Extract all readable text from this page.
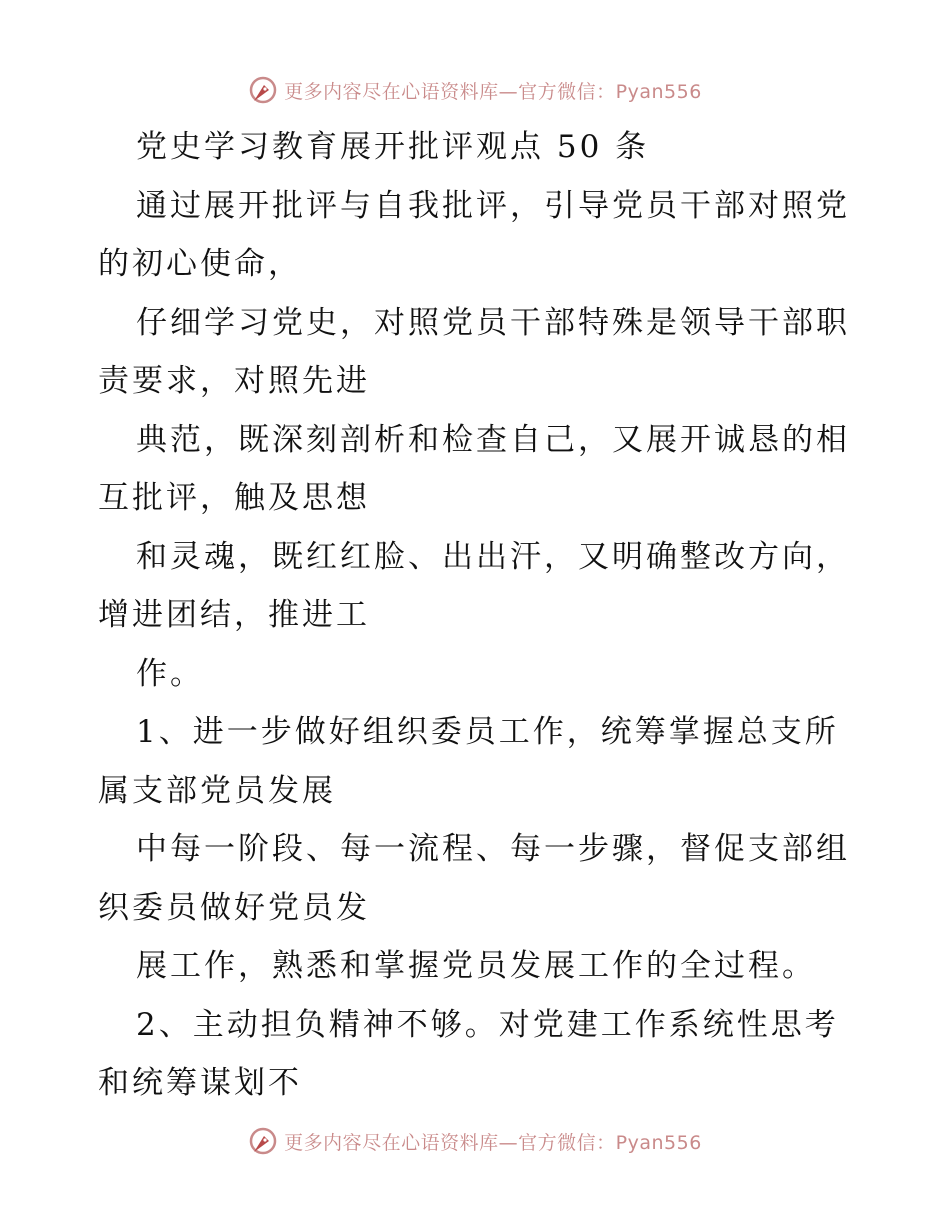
更多内容尽在心语资料库—官方微信：Pyan556
党史学习教育展开批评观点 50 条
通过展开批评与自我批评，引导党员干部对照党
的初心使命，
仔细学习党史，对照党员干部特殊是领导干部职
责要求，对照先进
典范，既深刻剖析和检查自己，又展开诚恳的相
互批评，触及思想
和灵魂，既红红脸、出出汗，又明确整改方向，
增进团结，推进工
作。
1、进一步做好组织委员工作，统筹掌握总支所
属支部党员发展
中每一阶段、每一流程、每一步骤，督促支部组
织委员做好党员发
展工作，熟悉和掌握党员发展工作的全过程。
2、主动担负精神不够。对党建工作系统性思考
和统筹谋划不
更多内容尽在心语资料库—官方微信：Pyan556
